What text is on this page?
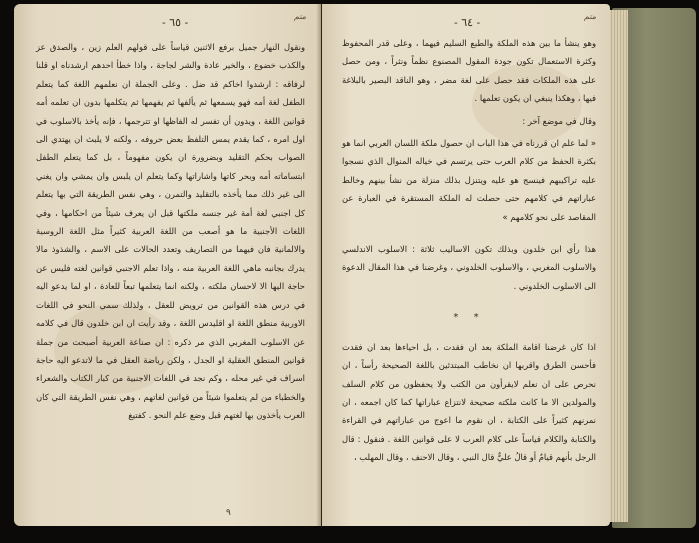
متم
- ٦٥ -

ونقول النهار جميل برفع الاثنين قياساً على قولهم العلم زين ، والصدق عز والكذب خضوع ، والخير عادة والشر لجاجة ، واذا خطأ احدهم ارشدناه او قلنا لرفاقه : ارشدوا اخاكم قد ضل . وعلى الجملة ان نعلمهم اللغة كما يتعلم الطفل لغة أمه فهو يسمعها ثم يألفها ثم يفهمها ثم يتكلمها بدون ان تعلمه أمه قوانين اللغة ، ويدون أن تفسر له الفاظها او تترجمها ، فإنه يأخذ بالاسلوب في اول امره ، كما يقدم يمس التلفظ بعض حروفه ، ولكنه لا يلبث ان يهتدي الى الصواب بحكم التقليد وبضرورة ان يكون مفهوماً ، بل كما يتعلم الطفل ابتساماته أمه وبحر كاتها واشاراتها وكما يتعلم ان يلبس وان يمشي وان يغني الى غير ذلك مما يأخذه بالتقليد والتمرن ، وهي نفس الطريقة التي بها يتعلم كل اجنبي لغة أمة غير جنسه ملكتها قبل ان يعرف شيئاً من احكامها ، وفي اللغات الأجنبية ما هو أصعب من اللغة العربية كثيراً مثل اللغة الروسية والالمانية فان فيهما من التصاريف وتعدد الحالات على الاسم ، والشذوذ مالا يدرك بجانبه ماهي اللغة العربية منه ، واذا تعلم الاجنبي قوانين لغته فليس عن حاجة اليها الا لاحسان ملكته ، ولكنه انما يتعلمها تبعاً للعادة ، او لما يدعو اليه في درس هذه القوانين من ترويض للعقل ، ولذلك سمي النحو في اللغات الاوربية منطق اللغة او اقليدس اللغة ، وقد رأيت ان ابن خلدون قال في كلامه عن الاسلوب المغربي الذي مر ذكره : ان صناعة العربية أصبحت من جملة قوانين المنطق العقلية او الجدل ، ولكن رياضة العقل في ما لاتدعو اليه حاجة اسراف في غير محله ، وكم نجد في اللغات الاجنبية من كبار الكتاب والشعراء والخطباء من لم يتعلموا شيئاً من قوانين لغاتهم ، وهي نفس الطريقة التي كان العرب يأخذون بها لغتهم قبل وضع علم النحو . كفتيغ

٩
متم
- ٦٤ -

وهو ينشأ ما بين هذه الملكة والطبع السليم فيهما ، وعلى قدر المحفوظ وكثرة الاستعمال تكون جودة المقول المصنوع نظماً ونثراً ، ومن حصل على هذه الملكات فقد حصل على لغة مضر ، وهو الناقد البصير بالبلاغة فيها ، وهكذا ينبغي ان يكون تعلمها .

وقال في موضع آخر :

« لما علم ان قررناه في هذا الباب ان حصول ملكة اللسان العربي انما هو بكثرة الحفظ من كلام العرب حتى يرتسم في خياله المنوال الذي نسجوا عليه تراكيبهم فينسج هو عليه ويتنزل بذلك منزلة من نشأ بينهم وخالط عباراتهم في كلامهم حتى حصلت له الملكة المستقرة في العبارة عن المقاصد على نحو كلامهم »

هذا رأي ابن خلدون وبذلك تكون الاساليب ثلاثة : الاسلوب الاندلسي والاسلوب المغربي ، والاسلوب الخلدوني ، وغرضنا في هذا المقال الدعوة الى الاسلوب الخلدوني .

* *

اذا كان غرضنا اقامة الملكة بعد ان فقدت ، بل احياءها بعد ان فقدت فأحسن الطرق واقربها ان نخاطب المبتدئين باللغة الصحيحة رأساً ، ان نحرص على ان نعلم لايقرأون من الكتب ولا يحفظون من كلام السلف والمولدين الا ما كانت ملكته صحيحة لانتزاع عباراتها كما كان اجمعه ، ان نمرنهم كثيراً على الكتابة ، ان نقوم ما اعوج من عباراتهم في القراءة والكتابة والكلام قياساً على كلام العرب لا على قوانين اللغة . فنقول : قال الرجل بأنهم قيامٌ أو قالُ عليٌّ قال النبي ، وقال الاحنف ، وقال المهلب ،
